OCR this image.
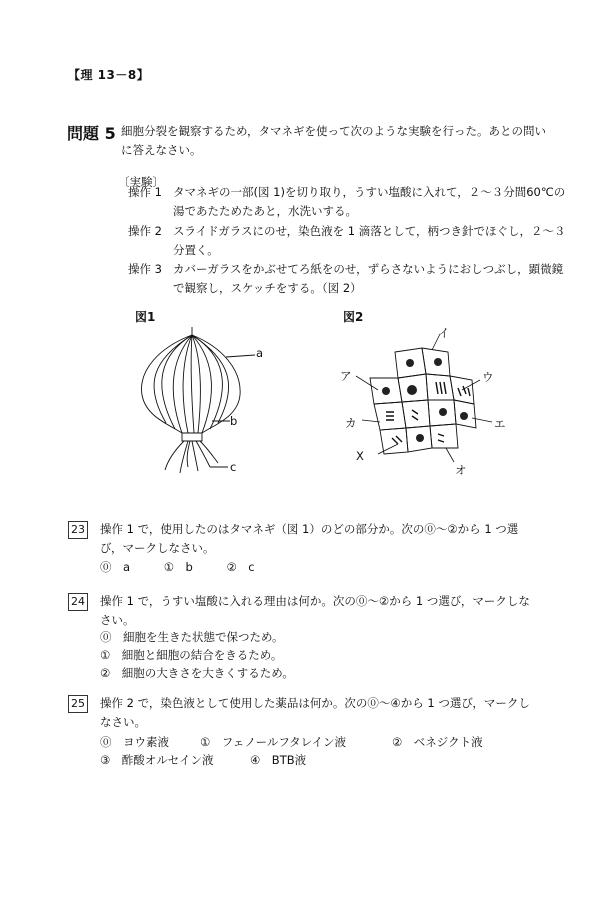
【理 13－8】
問題 5 細胞分裂を観察するため，タマネギを使って次のような実験を行った。あとの問いに答えなさい。
〔実験〕
操作 1 タマネギの一部(図 1)を切り取り，うすい塩酸に入れて，２～３分間60℃の湯であたためたあと，水洗いする。
操作 2 スライドガラスにのせ，染色液を 1 滴落として，柄つき針でほぐし，２～３分置く。
操作 3 カバーガラスをかぶせてろ紙をのせ，ずらさないようにおしつぶし，顕微鏡で観察し，スケッチをする。（図 2）
図1
a
b
c
図2
イ
ア	ウ
カ	エ
X
オ
23 操作 1 で，使用したのはタマネギ（図 1）のどの部分か。次の⓪～②から 1 つ選び，マークしなさい。
⓪　a	①　b	②　c
24 操作 1 で，うすい塩酸に入れる理由は何か。次の⓪～②から 1 つ選び，マークしなさい。
⓪　細胞を生きた状態で保つため。
①　細胞と細胞の結合をきるため。
②　細胞の大きさを大きくするため。
25 操作 2 で，染色液として使用した薬品は何か。次の⓪～④から 1 つ選び，マークしなさい。
⓪　ヨウ素液	①　フェノールフタレイン液	②　ベネジクト液
③　酢酸オルセイン液	④　BTB液
